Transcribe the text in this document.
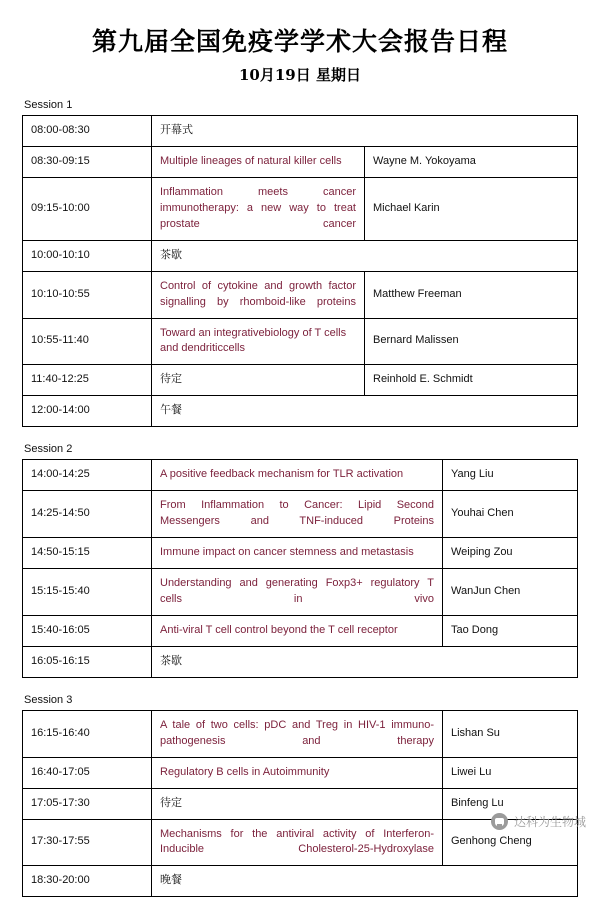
第九届全国免疫学学术大会报告日程
10月19日 星期日
Session 1
08:00-08:30	开幕式	
08:30-09:15	Multiple lineages of natural killer cells	Wayne M. Yokoyama
09:15-10:00	Inflammation meets cancer immunotherapy: a new way to treat prostate cancer	Michael Karin
10:00-10:10	茶歇	
10:10-10:55	Control of cytokine and growth factor signalling by rhomboid-like proteins	Matthew Freeman
10:55-11:40	Toward an integrativebiology of T cells and dendriticcells	Bernard Malissen
11:40-12:25	待定	Reinhold E. Schmidt
12:00-14:00	午餐	
Session 2
14:00-14:25	A positive feedback mechanism for TLR activation	Yang Liu
14:25-14:50	From Inflammation to Cancer: Lipid Second Messengers and TNF-induced Proteins	Youhai Chen
14:50-15:15	Immune impact on cancer stemness and metastasis	Weiping Zou
15:15-15:40	Understanding and generating Foxp3+ regulatory T cells in vivo	WanJun Chen
15:40-16:05	Anti-viral T cell control beyond the T cell receptor	Tao Dong
16:05-16:15	茶歇	
Session 3
16:15-16:40	A tale of two cells: pDC and Treg in HIV-1 immuno-pathogenesis and therapy	Lishan Su
16:40-17:05	Regulatory B cells in Autoimmunity	Liwei Lu
17:05-17:30	待定	Binfeng Lu
17:30-17:55	Mechanisms for the antiviral activity of Interferon-Inducible Cholesterol-25-Hydroxylase	Genhong Cheng
18:30-20:00	晚餐	
达科为生物城
